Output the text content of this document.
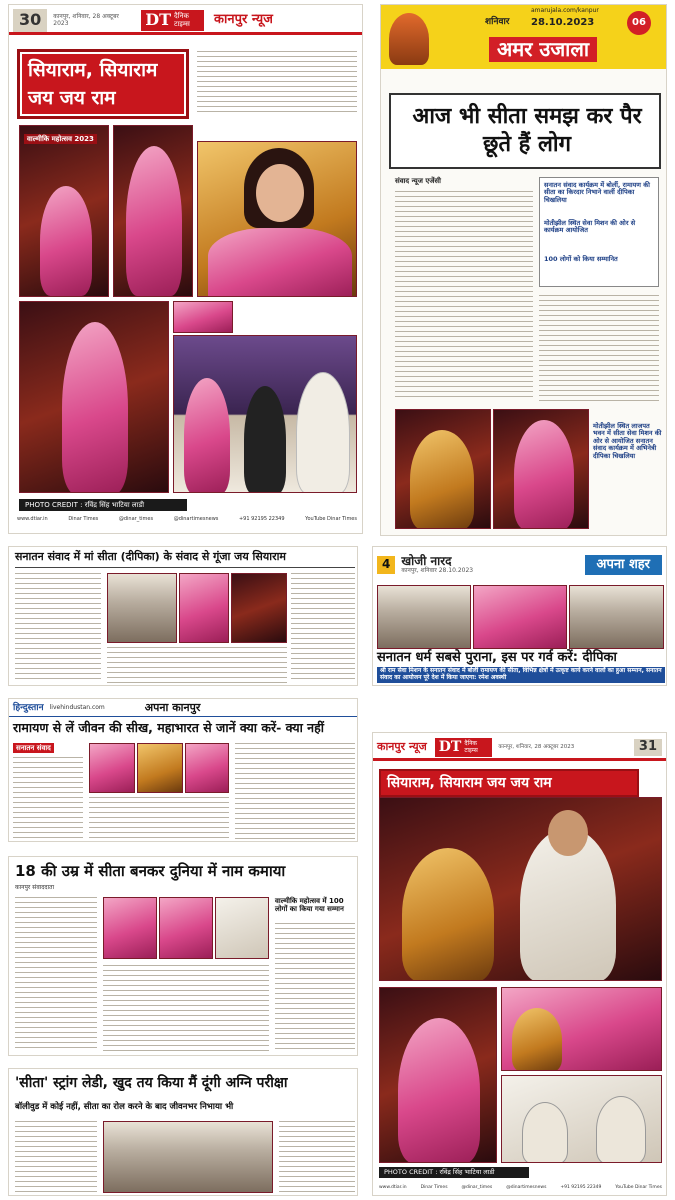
30	कानपुर, शनिवार, 28 अक्टूबर 2023	DT दैनिक टाइम्स	कानपुर न्यूज
सियाराम, सियाराम
जय जय राम
वाल्मीकि महोत्सव 2023
PHOTO CREDIT : रविंद्र सिंह भाटिया लाडी
www.dtiar.in	Dinar Times	@dinar_times	@dinartimesnews	+91 92195 22349	YouTube Dinar Times
amarujala.com/kanpur
शनिवार 28.10.2023	06
अमर उजाला
आज भी सीता समझ कर पैर छूते हैं लोग
संवाद न्यूज एजेंसी	सनातन संवाद कार्यक्रम में बोलीं, रामायण की सीता का किरदार निभाने वालीं दीपिका चिखलिया
मोतीझील स्थित सेवा मिशन की ओर से कार्यक्रम आयोजित
100 लोगों को किया सम्मानित
मोतीझील स्थित लाजपत भवन में सीता सेवा मिशन की ओर से आयोजित सनातन संवाद कार्यक्रम में अभिनेत्री दीपिका चिखलिया
सनातन संवाद में मां सीता (दीपिका) के संवाद से गूंजा जय सियाराम
4 खोजी नारद
कानपुर, शनिवार 28.10.2023	अपना शहर
सनातन धर्म सबसे पुराना, इस पर गर्व करें: दीपिका
श्री राम सेवा मिशन के सनातन संवाद में बोलीं रामायण की सीता, विभिन्न क्षेत्रों में उत्कृष्ट कार्य करने वालों का हुआ सम्मान, सनातन संवाद का आयोजन पूरे देश में किया जाएगा: रमेश अवस्थी
हिन्दुस्तान livehindustan.com	अपना कानपुर
रामायण से लें जीवन की सीख, महाभारत से जानें क्या करें- क्या नहीं
सनातन संवाद
18 की उम्र में सीता बनकर दुनिया में नाम कमाया
कानपुर संवाददाता
वाल्मीकि महोत्सव में 100 लोगों का किया गया सम्मान
'सीता' स्ट्रांग लेडी, खुद तय किया मैं दूंगी अग्नि परीक्षा
बॉलीवुड में कोई नहीं, सीता का रोल करने के बाद जीवनभर निभाया भी
कानपुर न्यूज DT दैनिक टाइम्स	कानपुर, शनिवार, 28 अक्टूबर 2023	31
सियाराम, सियाराम जय जय राम
PHOTO CREDIT : रविंद्र सिंह भाटिया लाडी
www.dtiar.in	Dinar Times	@dinar_times	@dinartimesnews	+91 92195 22349	YouTube Dinar Times
